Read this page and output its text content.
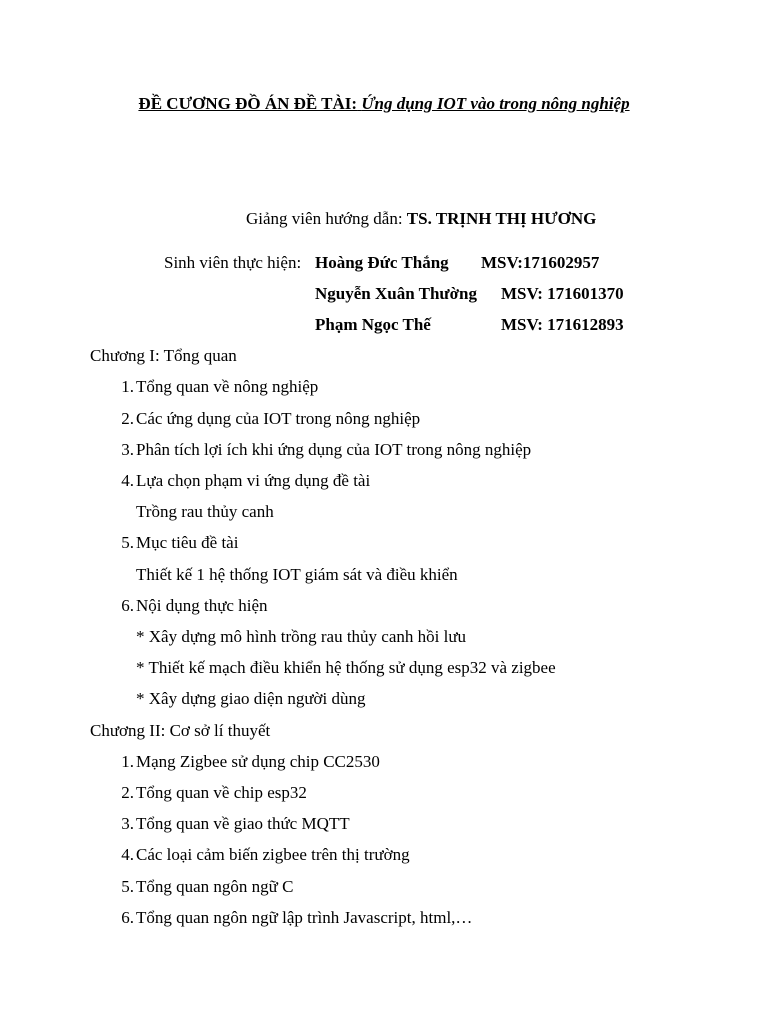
ĐỀ CƯƠNG ĐỒ ÁN ĐỀ TÀI: Ứng dụng IOT vào trong nông nghiệp
Giảng viên hướng dẫn: TS. TRỊNH THỊ HƯƠNG
Sinh viên thực hiện: Hoàng Đức Thắng MSV:171602957
Nguyễn Xuân Thường MSV: 171601370
Phạm Ngọc Thế	MSV: 171612893
Chương I: Tổng quan
1. Tổng quan về nông nghiệp
2. Các ứng dụng của IOT trong nông nghiệp
3. Phân tích lợi ích khi ứng dụng của IOT trong nông nghiệp
4. Lựa chọn phạm vi ứng dụng đề tài
Trồng rau thủy canh
5. Mục tiêu đề tài
Thiết kế 1 hệ thống IOT giám sát và điều khiển
6. Nội dụng thực hiện
* Xây dựng mô hình trồng rau thủy canh hồi lưu
* Thiết kế mạch điều khiển hệ thống sử dụng esp32 và zigbee
* Xây dựng giao diện người dùng
Chương II: Cơ sở lí thuyết
1. Mạng Zigbee sử dụng chip CC2530
2. Tổng quan về chip esp32
3. Tổng quan về giao thức MQTT
4. Các loại cảm biến zigbee trên thị trường
5. Tổng quan ngôn ngữ C
6. Tổng quan ngôn ngữ lập trình Javascript, html,…
